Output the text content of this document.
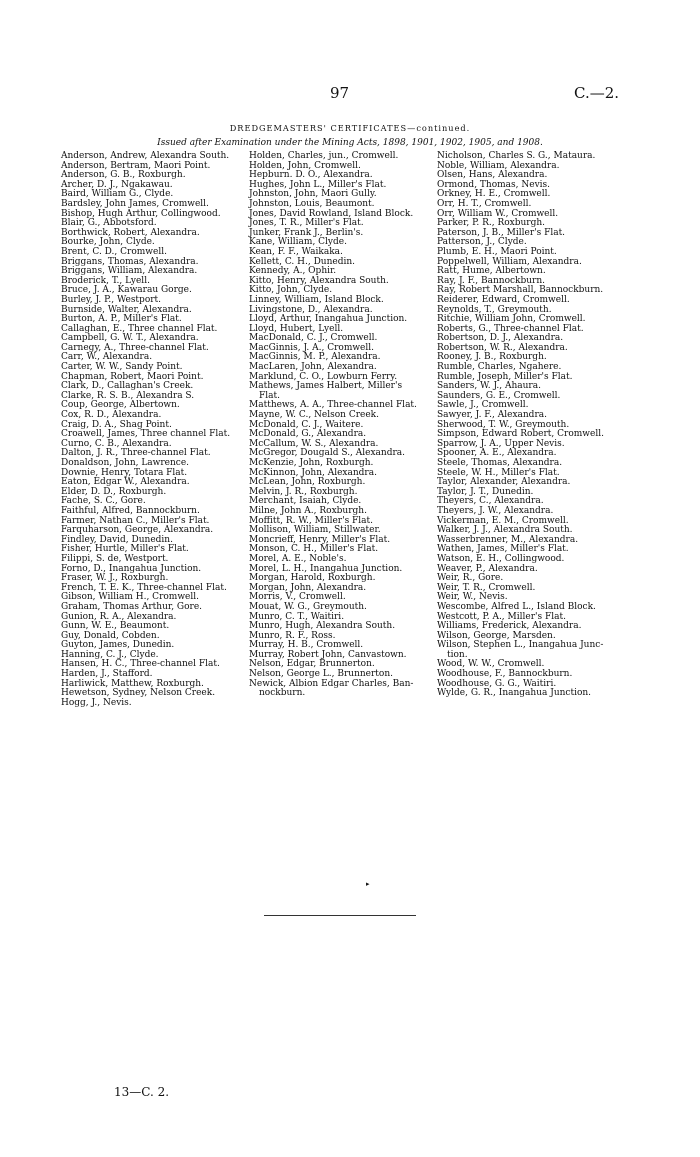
97	C.—2.
DREDGEMASTERS' CERTIFICATES—continued.
Issued after Examination under the Mining Acts, 1898, 1901, 1902, 1905, and 1908.
Anderson, Andrew, Alexandra South.
Anderson, Bertram, Maori Point.
Anderson, G. B., Roxburgh.
Archer, D. J., Ngakawau.
Baird, William G., Clyde.
Bardsley, John James, Cromwell.
Bishop, Hugh Arthur, Collingwood.
Blair, G., Abbotsford.
Borthwick, Robert, Alexandra.
Bourke, John, Clyde.
Brent, C. D., Cromwell.
Briggans, Thomas, Alexandra.
Briggans, William, Alexandra.
Broderick, T., Lyell.
Bruce, J. A., Kawarau Gorge.
Burley, J. P., Westport.
Burnside, Walter, Alexandra.
Burton, A. P., Miller's Flat.
Callaghan, E., Three channel Flat.
Campbell, G. W. T., Alexandra.
Carnegy, A., Three-channel Flat.
Carr, W., Alexandra.
Carter, W. W., Sandy Point.
Chapman, Robert, Maori Point.
Clark, D., Callaghan's Creek.
Clarke, R. S. B., Alexandra S.
Coup, George, Albertown.
Cox, R. D., Alexandra.
Craig, D. A., Shag Point.
Croawell, James, Three channel Flat.
Curno, C. B., Alexandra.
Dalton, J. R., Three-channel Flat.
Donaldson, John, Lawrence.
Downie, Henry, Totara Flat.
Eaton, Edgar W., Alexandra.
Elder, D. D., Roxburgh.
Fache, S. C., Gore.
Faithful, Alfred, Bannockburn.
Farmer, Nathan C., Miller's Flat.
Farquharson, George, Alexandra.
Findley, David, Dunedin.
Fisher, Hurtle, Miller's Flat.
Filippi, S. de, Westport.
Forno, D., Inangahua Junction.
Fraser, W. J., Roxburgh.
French, T. E. K., Three-channel Flat.
Gibson, William H., Cromwell.
Graham, Thomas Arthur, Gore.
Gunion, R. A., Alexandra.
Gunn, W. E., Beaumont.
Guy, Donald, Cobden.
Guyton, James, Dunedin.
Hanning, C. J., Clyde.
Hansen, H. C., Three-channel Flat.
Harden, J., Stafford.
Harliwick, Matthew, Roxburgh.
Hewetson, Sydney, Nelson Creek.
Hogg, J., Nevis.
Holden, Charles, jun., Cromwell.
Holden, John, Cromwell.
Hepburn. D. O., Alexandra.
Hughes, John L., Miller's Flat.
Johnston, John, Maori Gully.
Johnston, Louis, Beaumont.
Jones, David Rowland, Island Block.
Jones, T. R., Miller's Flat.
Junker, Frank J., Berlin's.
Kane, William, Clyde.
Kean, F. F., Waikaka.
Kellett, C. H., Dunedin.
Kennedy, A., Ophir.
Kitto, Henry, Alexandra South.
Kitto, John, Clyde.
Linney, William, Island Block.
Livingstone, D., Alexandra.
Lloyd, Arthur, Inangahua Junction.
Lloyd, Hubert, Lyell.
MacDonald, C. J., Cromwell.
MacGinnis, J. A., Cromwell.
MacGinnis, M. P., Alexandra.
MacLaren, John, Alexandra.
Marklund, C. O., Lowburn Ferry.
Mathews, James Halbert, Miller's
Flat.
Matthews, A. A., Three-channel Flat.
Mayne, W. C., Nelson Creek.
McDonald, C. J., Waitere.
McDonald, G., Alexandra.
McCallum, W. S., Alexandra.
McGregor, Dougald S., Alexandra.
McKenzie, John, Roxburgh.
McKinnon, John, Alexandra.
McLean, John, Roxburgh.
Melvin, J. R., Roxburgh.
Merchant, Isaiah, Clyde.
Milne, John A., Roxburgh.
Moffitt, R. W., Miller's Flat.
Mollison, William, Stillwater.
Moncrieff, Henry, Miller's Flat.
Monson, C. H., Miller's Flat.
Morel, A. E., Noble's.
Morel, L. H., Inangahua Junction.
Morgan, Harold, Roxburgh.
Morgan, John, Alexandra.
Morris, V., Cromwell.
Mouat, W. G., Greymouth.
Munro, C. T., Waitiri.
Munro, Hugh, Alexandra South.
Munro, R. F., Ross.
Murray, H. B., Cromwell.
Murray, Robert John, Canvastown.
Nelson, Edgar, Brunnerton.
Nelson, George L., Brunnerton.
Newick, Albion Edgar Charles, Ban-
nockburn.
Nicholson, Charles S. G., Mataura.
Noble, William, Alexandra.
Olsen, Hans, Alexandra.
Ormond, Thomas, Nevis.
Orkney, H. E., Cromwell.
Orr, H. T., Cromwell.
Orr, William W., Cromwell.
Parker, P. R., Roxburgh.
Paterson, J. B., Miller's Flat.
Patterson, J., Clyde.
Plumb, E. H., Maori Point.
Poppelwell, William, Alexandra.
Ratt, Hume, Albertown.
Ray, J. F., Bannockburn.
Ray, Robert Marshall, Bannockburn.
Reiderer, Edward, Cromwell.
Reynolds, T., Greymouth.
Ritchie, William John, Cromwell.
Roberts, G., Three-channel Flat.
Robertson, D. J., Alexandra.
Robertson, W. R., Alexandra.
Rooney, J. B., Roxburgh.
Rumble, Charles, Ngahere.
Rumble, Joseph, Miller's Flat.
Sanders, W. J., Ahaura.
Saunders, G. E., Cromwell.
Sawle, J., Cromwell.
Sawyer, J. F., Alexandra.
Sherwood, T. W., Greymouth.
Simpson, Edward Robert, Cromwell.
Sparrow, J. A., Upper Nevis.
Spooner, A. E., Alexandra.
Steele, Thomas, Alexandra.
Steele, W. H., Miller's Flat.
Taylor, Alexander, Alexandra.
Taylor, J. T., Dunedin.
Theyers, C., Alexandra.
Theyers, J. W., Alexandra.
Vickerman, E. M., Cromwell.
Walker, J. J., Alexandra South.
Wasserbrenner, M., Alexandra.
Wathen, James, Miller's Flat.
Watson, E. H., Collingwood.
Weaver, P., Alexandra.
Weir, R., Gore.
Weir, T. R., Cromwell.
Weir, W., Nevis.
Wescombe, Alfred L., Island Block.
Westcott, P. A., Miller's Flat.
Williams, Frederick, Alexandra.
Wilson, George, Marsden.
Wilson, Stephen L., Inangahua Junc-
tion.
Wood, W. W., Cromwell.
Woodhouse, F., Bannockburn.
Woodhouse, G. G., Waitiri.
Wylde, G. R., Inangahua Junction.
▸
13—C. 2.
